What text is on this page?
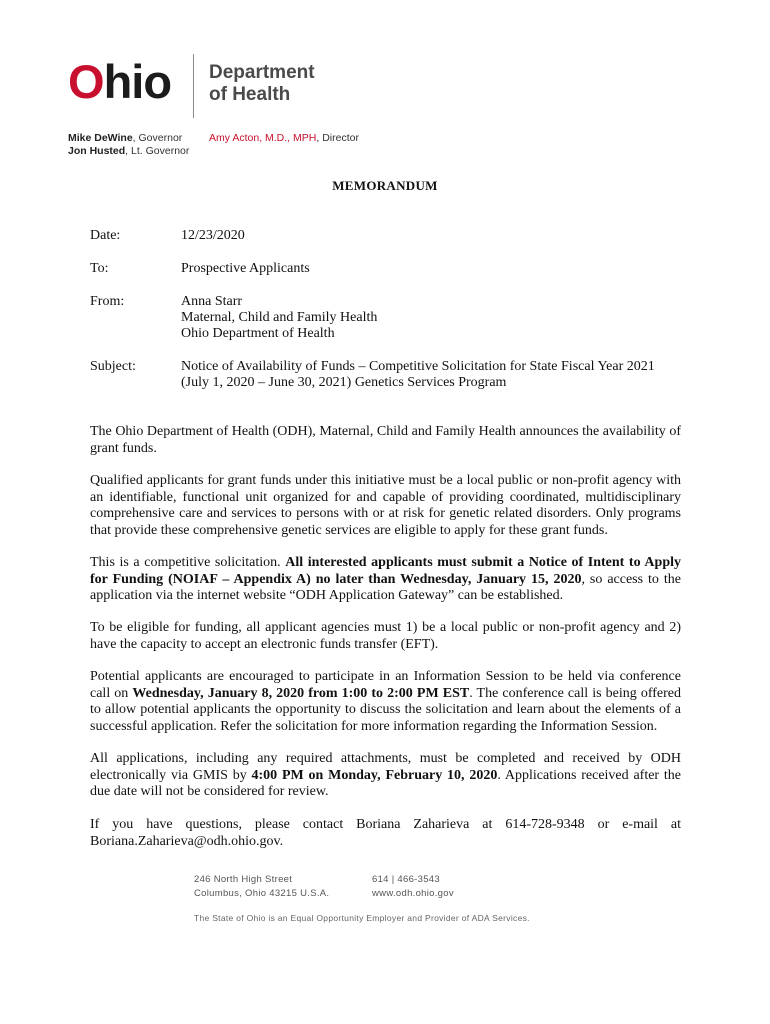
Ohio Department
of Health
Mike DeWine, Governor
Jon Husted, Lt. Governor
Amy Acton, M.D., MPH, Director
MEMORANDUM
Date:	12/23/2020
To:	Prospective Applicants
From:	Anna Starr
Maternal, Child and Family Health
Ohio Department of Health
Subject:	Notice of Availability of Funds – Competitive Solicitation for State Fiscal Year 2021
(July 1, 2020 – June 30, 2021) Genetics Services Program
The Ohio Department of Health (ODH), Maternal, Child and Family Health announces the availability of grant funds.
Qualified applicants for grant funds under this initiative must be a local public or non-profit agency with an identifiable, functional unit organized for and capable of providing coordinated, multidisciplinary comprehensive care and services to persons with or at risk for genetic related disorders. Only programs that provide these comprehensive genetic services are eligible to apply for these grant funds.
This is a competitive solicitation. All interested applicants must submit a Notice of Intent to Apply for Funding (NOIAF – Appendix A) no later than Wednesday, January 15, 2020, so access to the application via the internet website “ODH Application Gateway” can be established.
To be eligible for funding, all applicant agencies must 1) be a local public or non-profit agency and 2) have the capacity to accept an electronic funds transfer (EFT).
Potential applicants are encouraged to participate in an Information Session to be held via conference call on Wednesday, January 8, 2020 from 1:00 to 2:00 PM EST. The conference call is being offered to allow potential applicants the opportunity to discuss the solicitation and learn about the elements of a successful application. Refer the solicitation for more information regarding the Information Session.
All applications, including any required attachments, must be completed and received by ODH electronically via GMIS by 4:00 PM on Monday, February 10, 2020. Applications received after the due date will not be considered for review.
If you have questions, please contact Boriana Zaharieva at 614-728-9348 or e-mail at Boriana.Zaharieva@odh.ohio.gov.
246 North High Street
Columbus, Ohio 43215 U.S.A.
614 | 466-3543
www.odh.ohio.gov
The State of Ohio is an Equal Opportunity Employer and Provider of ADA Services.
